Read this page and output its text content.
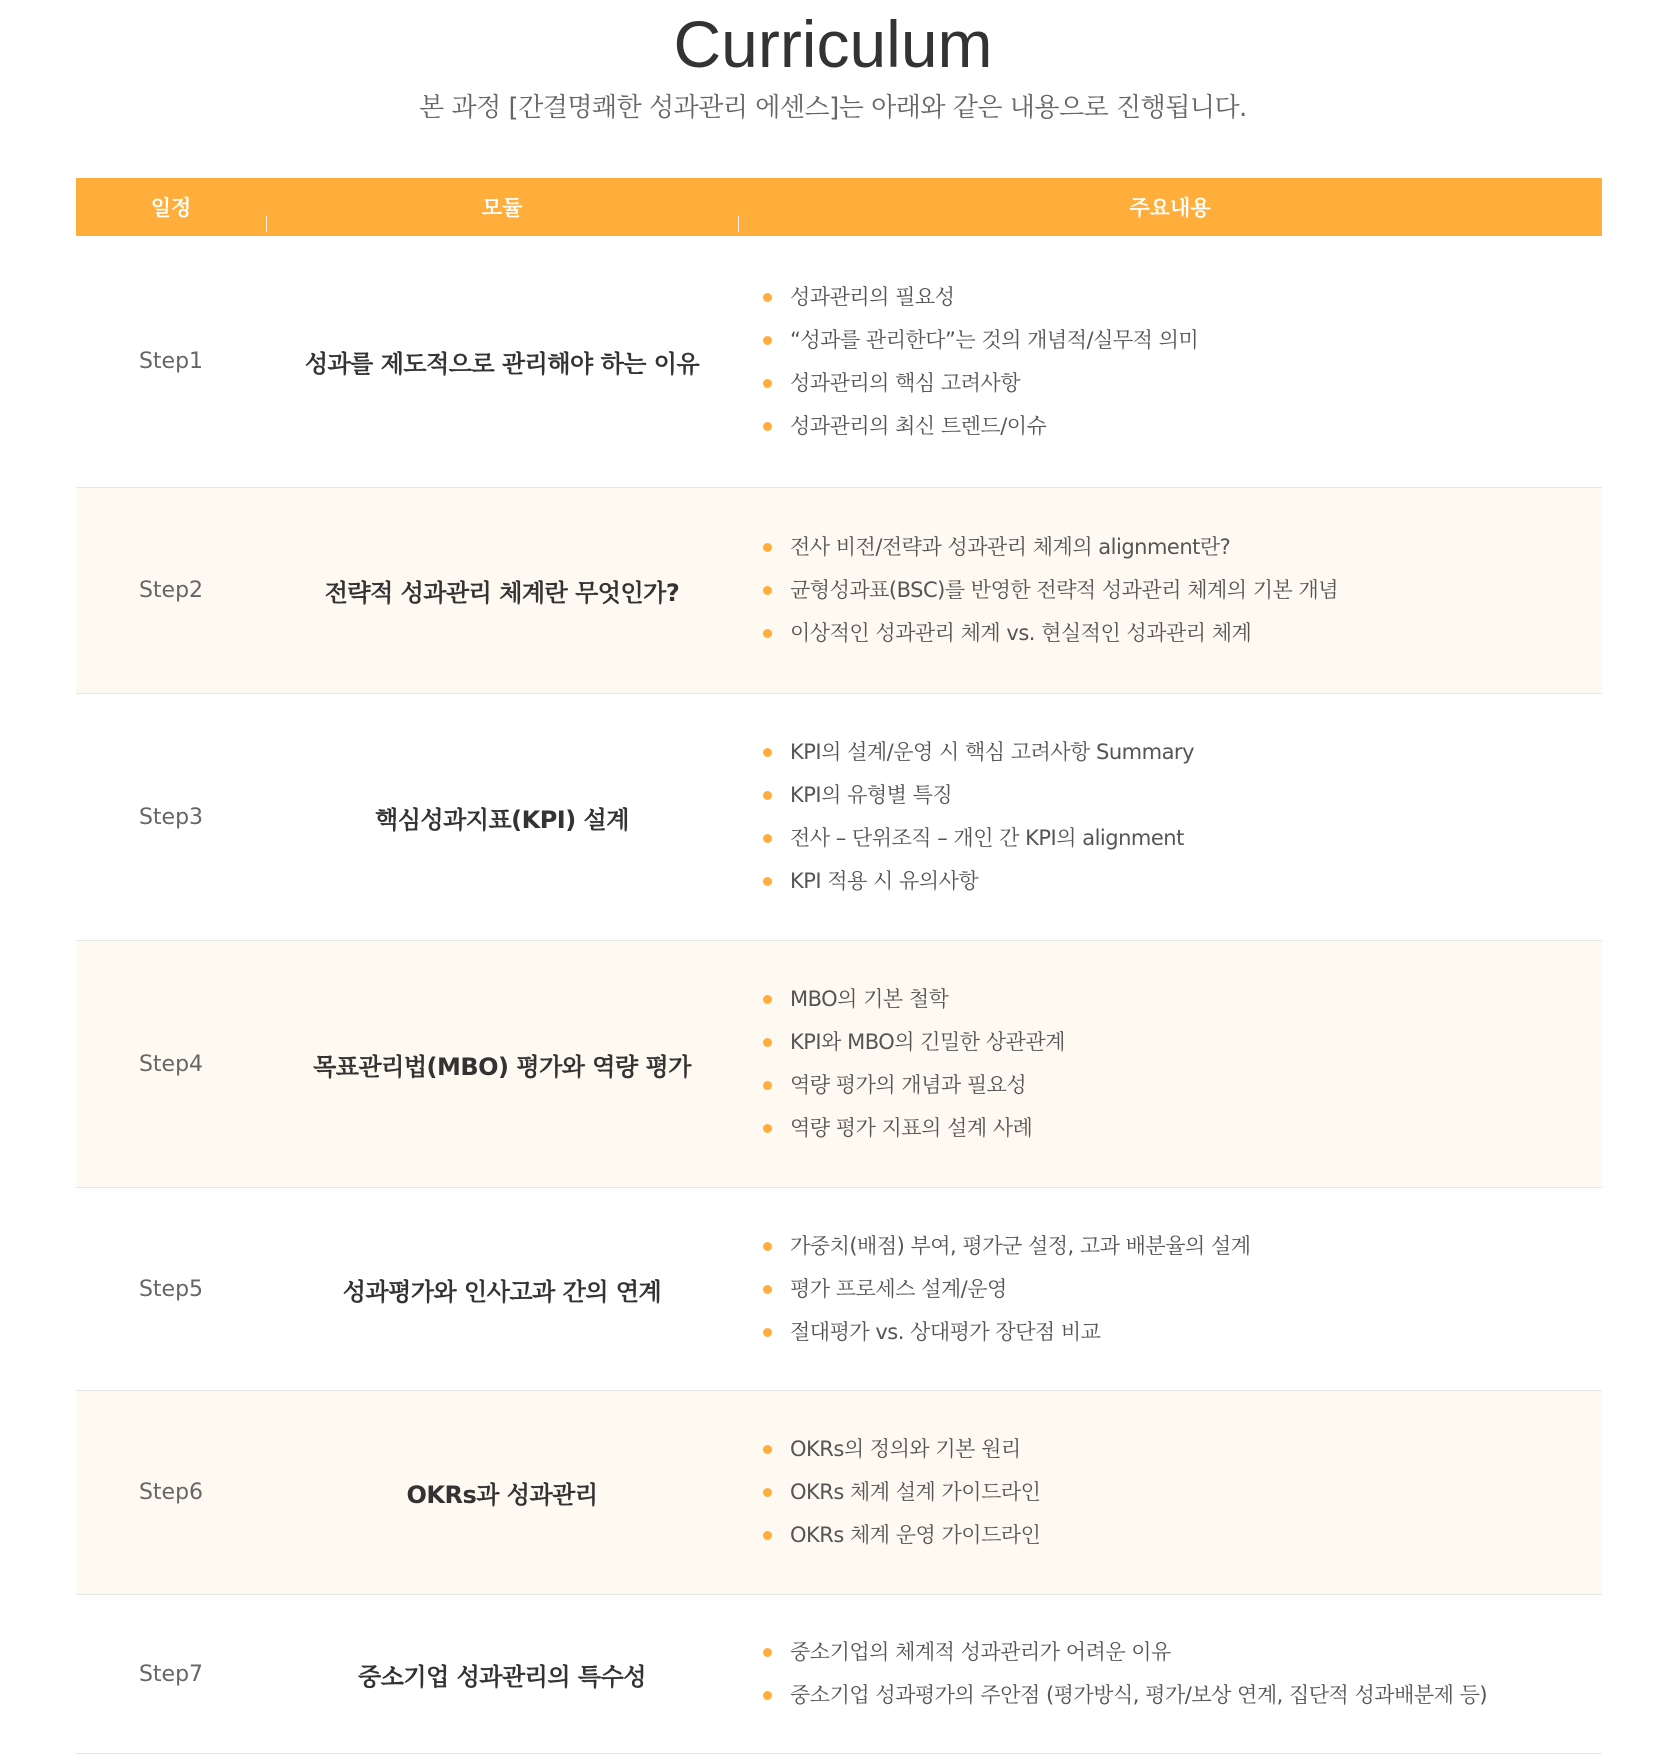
Curriculum
본 과정 [간결명쾌한 성과관리 에센스]는 아래와 같은 내용으로 진행됩니다.
일정	모듈	주요내용
Step1	성과를 제도적으로 관리해야 하는 이유
성과관리의 필요성
“성과를 관리한다”는 것의 개념적/실무적 의미
성과관리의 핵심 고려사항
성과관리의 최신 트렌드/이슈
Step2	전략적 성과관리 체계란 무엇인가?
전사 비전/전략과 성과관리 체계의 alignment란?
균형성과표(BSC)를 반영한 전략적 성과관리 체계의 기본 개념
이상적인 성과관리 체계 vs. 현실적인 성과관리 체계
Step3	핵심성과지표(KPI) 설계
KPI의 설계/운영 시 핵심 고려사항 Summary
KPI의 유형별 특징
전사 – 단위조직 – 개인 간 KPI의 alignment
KPI 적용 시 유의사항
Step4	목표관리법(MBO) 평가와 역량 평가
MBO의 기본 철학
KPI와 MBO의 긴밀한 상관관계
역량 평가의 개념과 필요성
역량 평가 지표의 설계 사례
Step5	성과평가와 인사고과 간의 연계
가중치(배점) 부여, 평가군 설정, 고과 배분율의 설계
평가 프로세스 설계/운영
절대평가 vs. 상대평가 장단점 비교
Step6	OKRs과 성과관리
OKRs의 정의와 기본 원리
OKRs 체계 설계 가이드라인
OKRs 체계 운영 가이드라인
Step7	중소기업 성과관리의 특수성
중소기업의 체계적 성과관리가 어려운 이유
중소기업 성과평가의 주안점 (평가방식, 평가/보상 연계, 집단적 성과배분제 등)
